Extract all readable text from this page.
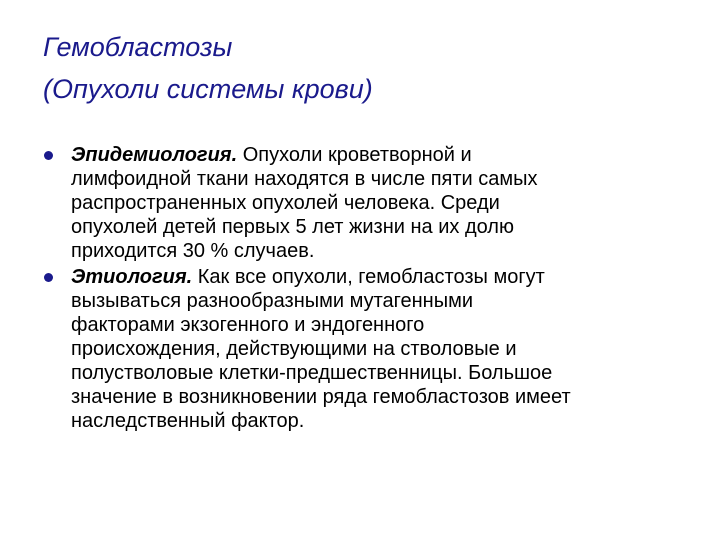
Гемобластозы
(Опухоли системы крови)
Эпидемиология. Опухоли кроветворной и
лимфоидной ткани находятся в числе пяти самых
распространенных опухолей человека. Среди
опухолей детей первых 5 лет жизни на их долю
приходится 30 % случаев.
Этиология. Как все опухоли, гемобластозы могут
вызываться разнообразными мутагенными
факторами экзогенного и эндогенного
происхождения, действующими на стволовые и
полустволовые клетки-предшественницы. Большое
значение в возникновении ряда гемобластозов имеет
наследственный фактор.
